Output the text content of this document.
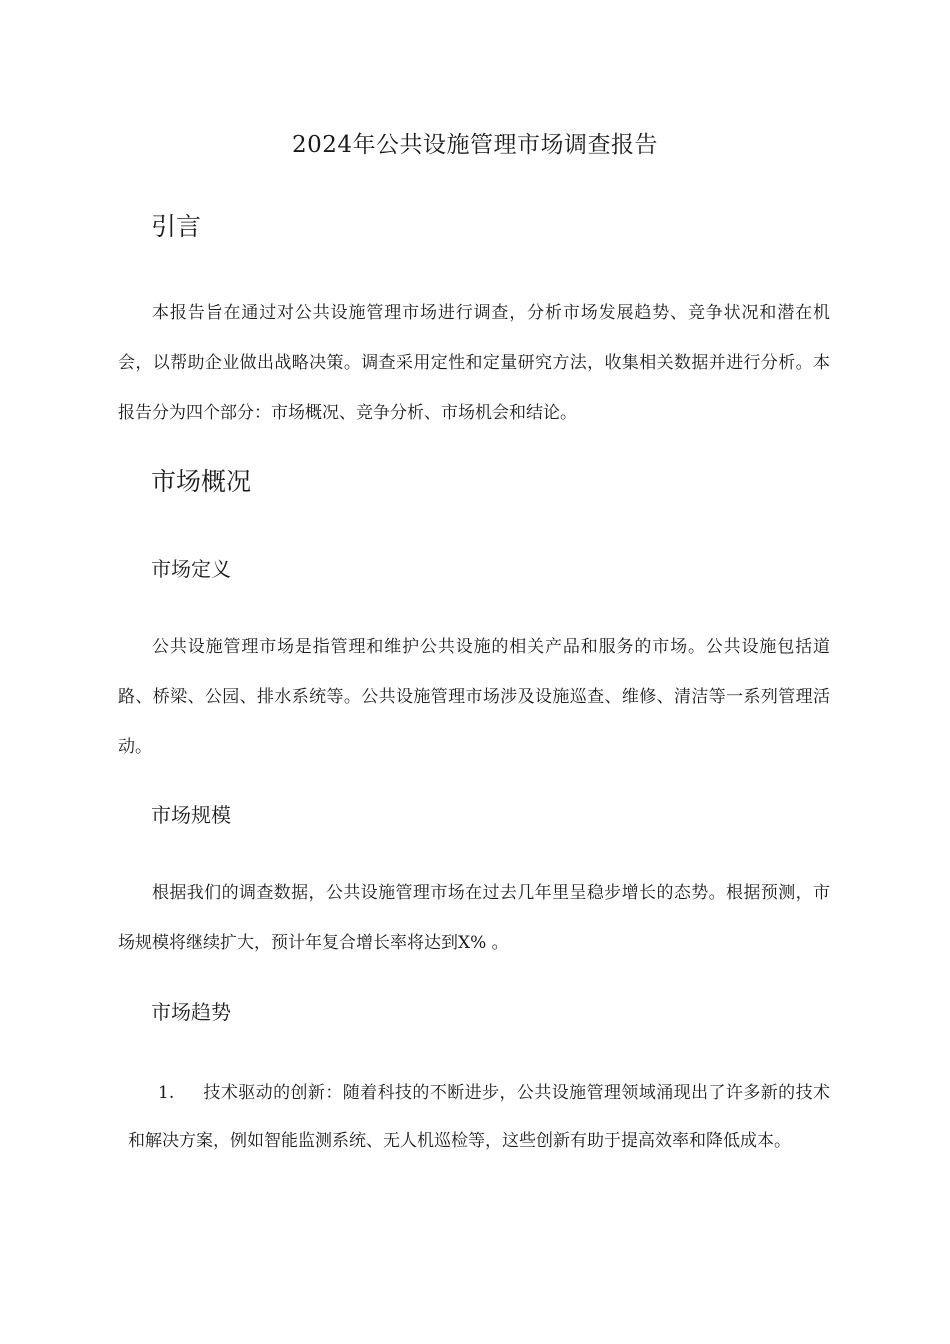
2024年公共设施管理市场调查报告
引言

本报告旨在通过对公共设施管理市场进行调查，分析市场发展趋势、竞争状况和潜在机会，以帮助企业做出战略决策。调查采用定性和定量研究方法，收集相关数据并进行分析。本报告分为四个部分：市场概况、竞争分析、市场机会和结论。

市场概况
市场定义

公共设施管理市场是指管理和维护公共设施的相关产品和服务的市场。公共设施包括道路、桥梁、公园、排水系统等。公共设施管理市场涉及设施巡查、维修、清洁等一系列管理活动。

市场规模

根据我们的调查数据，公共设施管理市场在过去几年里呈稳步增长的态势。根据预测，市场规模将继续扩大，预计年复合增长率将达到X% 。

市场趋势

1. 技术驱动的创新：随着科技的不断进步，公共设施管理领域涌现出了许多新的技术和解决方案，例如智能监测系统、无人机巡检等，这些创新有助于提高效率和降低成本。
